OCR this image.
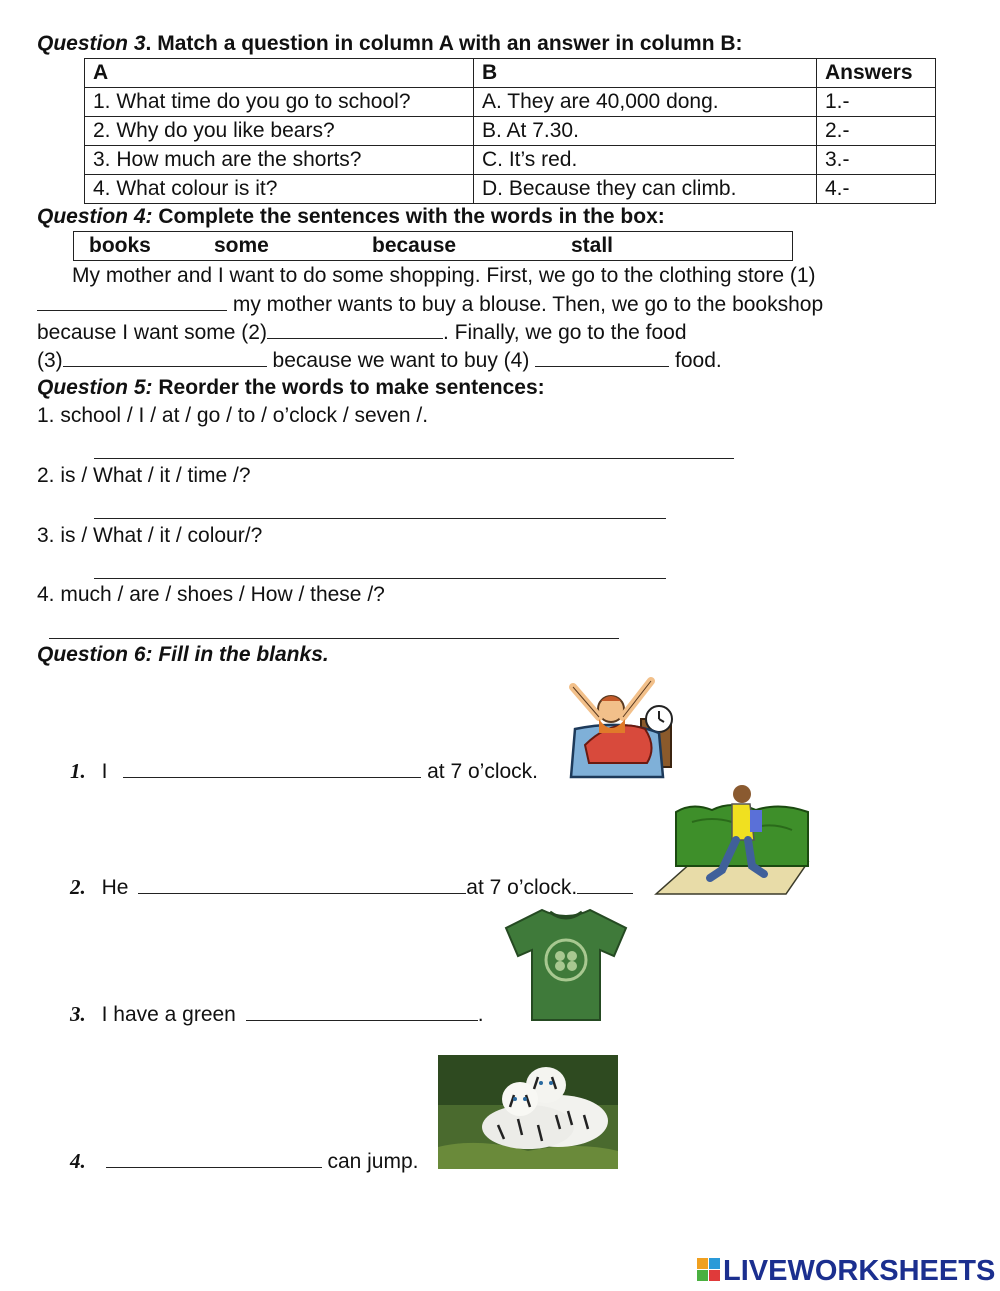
Question 3. Match a question in column A with an answer in column B:
A	B	Answers
1. What time do you go to school?	A. They are 40,000 dong.	1.-
2. Why do you like bears?	B. At 7.30.	2.-
3. How much are the shorts?	C. It’s red.	3.-
4. What colour is it?	D. Because they can climb.	4.-
Question 4: Complete the sentences with the words in the box:
books	some	because	stall
My mother and I want to do some shopping. First, we go to the clothing store (1)
my mother wants to buy a blouse. Then, we go to the bookshop
because I want some (2)	. Finally, we go to the food
(3)	because we want to buy (4)	food.
Question 5: Reorder the words to make sentences:
1. school / I / at / go / to / o’clock / seven /.
2. is / What / it / time /?
3. is / What / it / colour/?
4. much / are / shoes / How / these /?
Question 6: Fill in the blanks.
1. I	at 7 o’clock.
2. He	at 7 o’clock.
3. I have a green	.
4.	can jump.
LIVEWORKSHEETS
